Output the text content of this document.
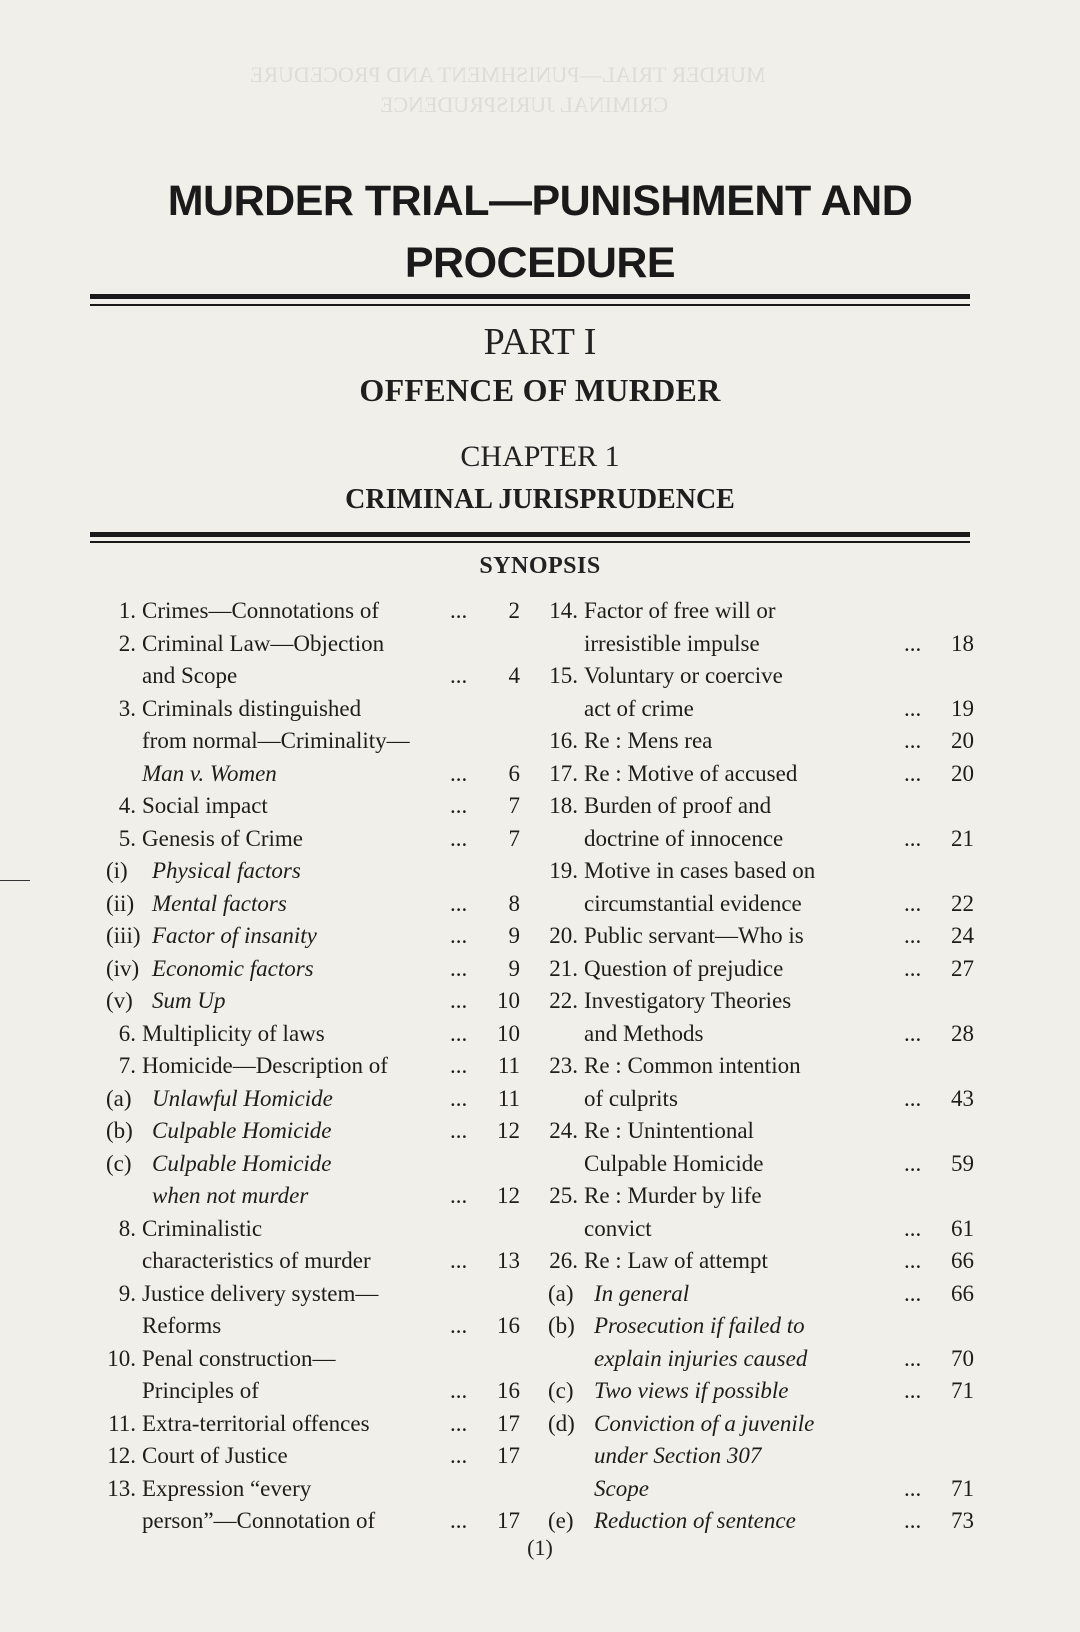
MURDER TRIAL—PUNISHMENT AND PROCEDURE
CRIMINAL JURISPRUDENCE
MURDER TRIAL—PUNISHMENT AND
PROCEDURE
PART I
OFFENCE OF MURDER
CHAPTER 1
CRIMINAL JURISPRUDENCE
SYNOPSIS
1. Crimes—Connotations of	...	2
2. Criminal Law—Objection
and Scope	...	4
3. Criminals distinguished
from normal—Criminality—
Man v. Women	...	6
4. Social impact	...	7
5. Genesis of Crime	...	7
(i)	Physical factors
(ii) Mental factors	...	8
(iii) Factor of insanity	...	9
(iv) Economic factors	...	9
(v) Sum Up	...	10
6. Multiplicity of laws	...	10
7. Homicide—Description of	...	11
(a) Unlawful Homicide	...	11
(b) Culpable Homicide	...	12
(c) Culpable Homicide
when not murder	...	12
8. Criminalistic
characteristics of murder	...	13
9. Justice delivery system—
Reforms	...	16
10. Penal construction—
Principles of	...	16
11. Extra-territorial offences	...	17
12. Court of Justice	...	17
13. Expression “every
person”—Connotation of	...	17
14. Factor of free will or
irresistible impulse	...	18
15. Voluntary or coercive
act of crime	...	19
16. Re : Mens rea	...	20
17. Re : Motive of accused	...	20
18. Burden of proof and
doctrine of innocence	...	21
19. Motive in cases based on
circumstantial evidence	...	22
20. Public servant—Who is	...	24
21. Question of prejudice	...	27
22. Investigatory Theories
and Methods	...	28
23. Re : Common intention
of culprits	...	43
24. Re : Unintentional
Culpable Homicide	...	59
25. Re : Murder by life
convict	...	61
26. Re : Law of attempt	...	66
(a) In general	...	66
(b) Prosecution if failed to
explain injuries caused	...	70
(c) Two views if possible	...	71
(d) Conviction of a juvenile
under Section 307
Scope	...	71
(e) Reduction of sentence	...	73
(1)
